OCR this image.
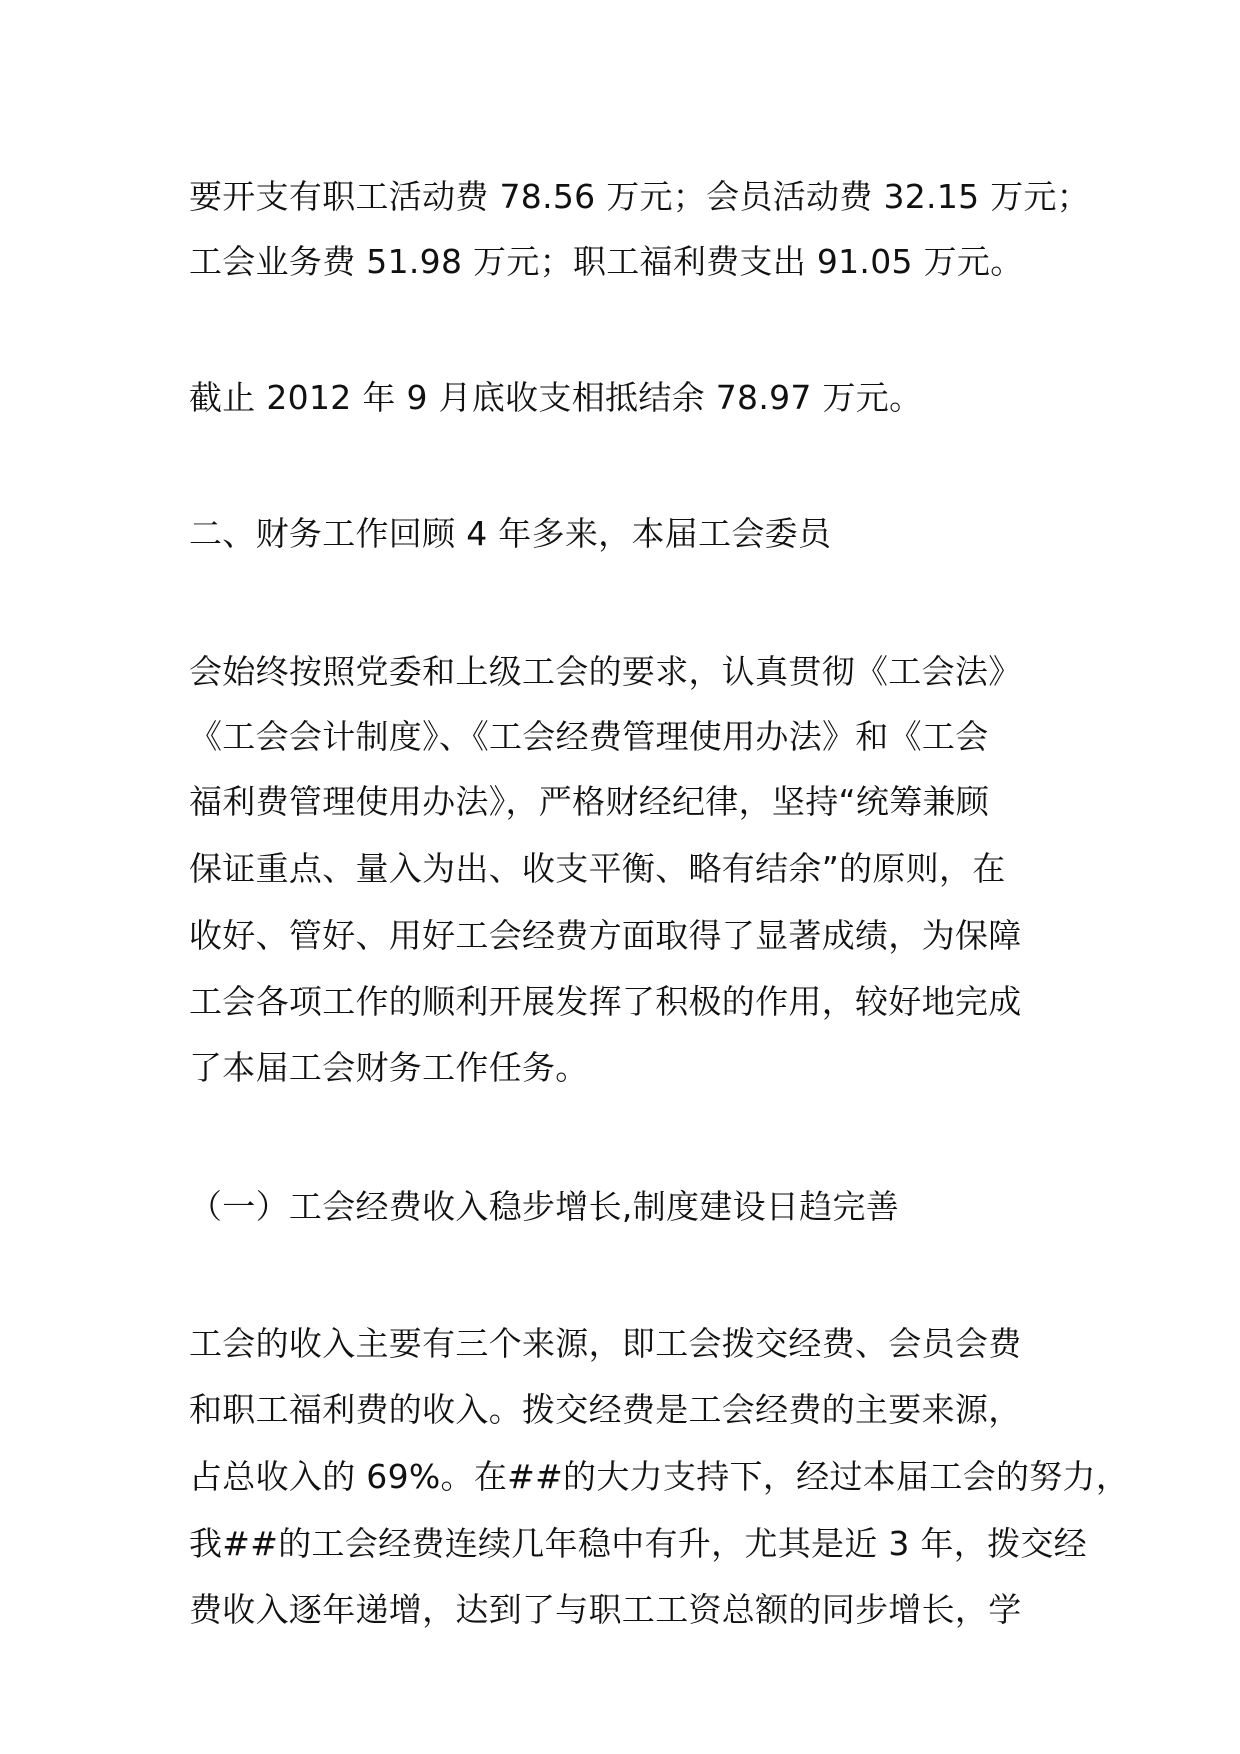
要开支有职工活动费 78.56 万元；会员活动费 32.15 万元；

工会业务费 51.98 万元；职工福利费支出 91.05 万元。

截止 2012 年 9 月底收支相抵结余 78.97 万元。

二、财务工作回顾 4 年多来，本届工会委员

会始终按照党委和上级工会的要求，认真贯彻《工会法》

《工会会计制度》、《工会经费管理使用办法》和《工会

福利费管理使用办法》，严格财经纪律，坚持“统筹兼顾

保证重点、量入为出、收支平衡、略有结余”的原则，在

收好、管好、用好工会经费方面取得了显著成绩，为保障

工会各项工作的顺利开展发挥了积极的作用，较好地完成

了本届工会财务工作任务。

（一）工会经费收入稳步增长,制度建设日趋完善

工会的收入主要有三个来源，即工会拨交经费、会员会费

和职工福利费的收入。拨交经费是工会经费的主要来源，

占总收入的 69%。在##的大力支持下，经过本届工会的努力，

我##的工会经费连续几年稳中有升，尤其是近 3 年，拨交经

费收入逐年递增，达到了与职工工资总额的同步增长，学
